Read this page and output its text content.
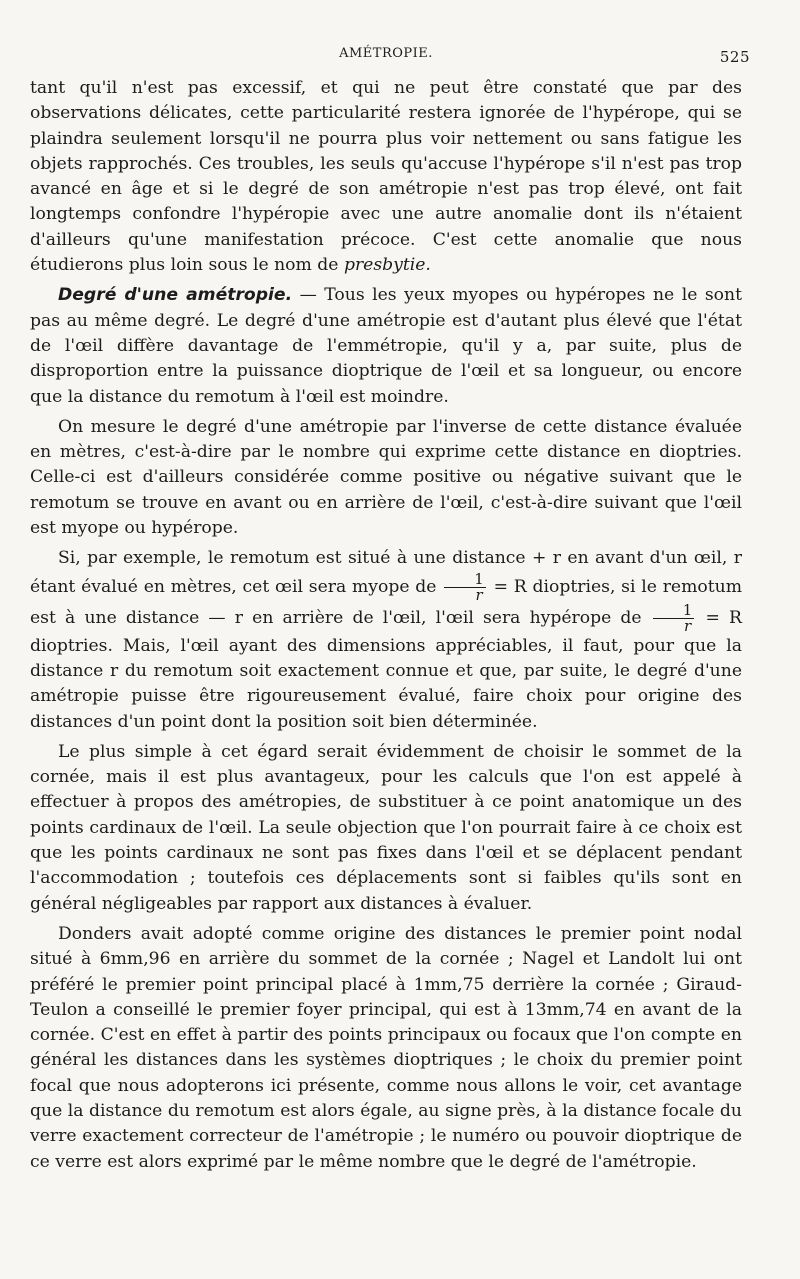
AMÉTROPIE.	525

tant qu'il n'est pas excessif, et qui ne peut être constaté que par des observations délicates, cette particularité restera ignorée de l'hypérope, qui se plaindra seulement lorsqu'il ne pourra plus voir nettement ou sans fatigue les objets rapprochés. Ces troubles, les seuls qu'accuse l'hypérope s'il n'est pas trop avancé en âge et si le degré de son amétropie n'est pas trop élevé, ont fait longtemps confondre l'hypéropie avec une autre anomalie dont ils n'étaient d'ailleurs qu'une manifestation précoce. C'est cette anomalie que nous étudierons plus loin sous le nom de presbytie.

Degré d'une amétropie. — Tous les yeux myopes ou hypéropes ne le sont pas au même degré. Le degré d'une amétropie est d'autant plus élevé que l'état de l'œil diffère davantage de l'emmétropie, qu'il y a, par suite, plus de disproportion entre la puissance dioptrique de l'œil et sa longueur, ou encore que la distance du remotum à l'œil est moindre.

On mesure le degré d'une amétropie par l'inverse de cette distance évaluée en mètres, c'est-à-dire par le nombre qui exprime cette distance en dioptries. Celle-ci est d'ailleurs considérée comme positive ou négative suivant que le remotum se trouve en avant ou en arrière de l'œil, c'est-à-dire suivant que l'œil est myope ou hypérope.

Si, par exemple, le remotum est situé à une distance + r en avant d'un œil, r étant évalué en mètres, cet œil sera myope de $\frac{1}{r} = R$ dioptries, si le remotum est à une distance — r en arrière de l'œil, l'œil sera hypérope de $\frac{1}{r} = R$ dioptries. Mais, l'œil ayant des dimensions appréciables, il faut, pour que la distance r du remotum soit exactement connue et que, par suite, le degré d'une amétropie puisse être rigoureusement évalué, faire choix pour origine des distances d'un point dont la position soit bien déterminée.

Le plus simple à cet égard serait évidemment de choisir le sommet de la cornée, mais il est plus avantageux, pour les calculs que l'on est appelé à effectuer à propos des amétropies, de substituer à ce point anatomique un des points cardinaux de l'œil. La seule objection que l'on pourrait faire à ce choix est que les points cardinaux ne sont pas fixes dans l'œil et se déplacent pendant l'accommodation ; toutefois ces déplacements sont si faibles qu'ils sont en général négligeables par rapport aux distances à évaluer.

Donders avait adopté comme origine des distances le premier point nodal situé à 6mm,96 en arrière du sommet de la cornée ; Nagel et Landolt lui ont préféré le premier point principal placé à 1mm,75 derrière la cornée ; Giraud-Teulon a conseillé le premier foyer principal, qui est à 13mm,74 en avant de la cornée. C'est en effet à partir des points principaux ou focaux que l'on compte en général les distances dans les systèmes dioptriques ; le choix du premier point focal que nous adopterons ici présente, comme nous allons le voir, cet avantage que la distance du remotum est alors égale, au signe près, à la distance focale du verre exactement correcteur de l'amétropie ; le numéro ou pouvoir dioptrique de ce verre est alors exprimé par le même nombre que le degré de l'amétropie.
